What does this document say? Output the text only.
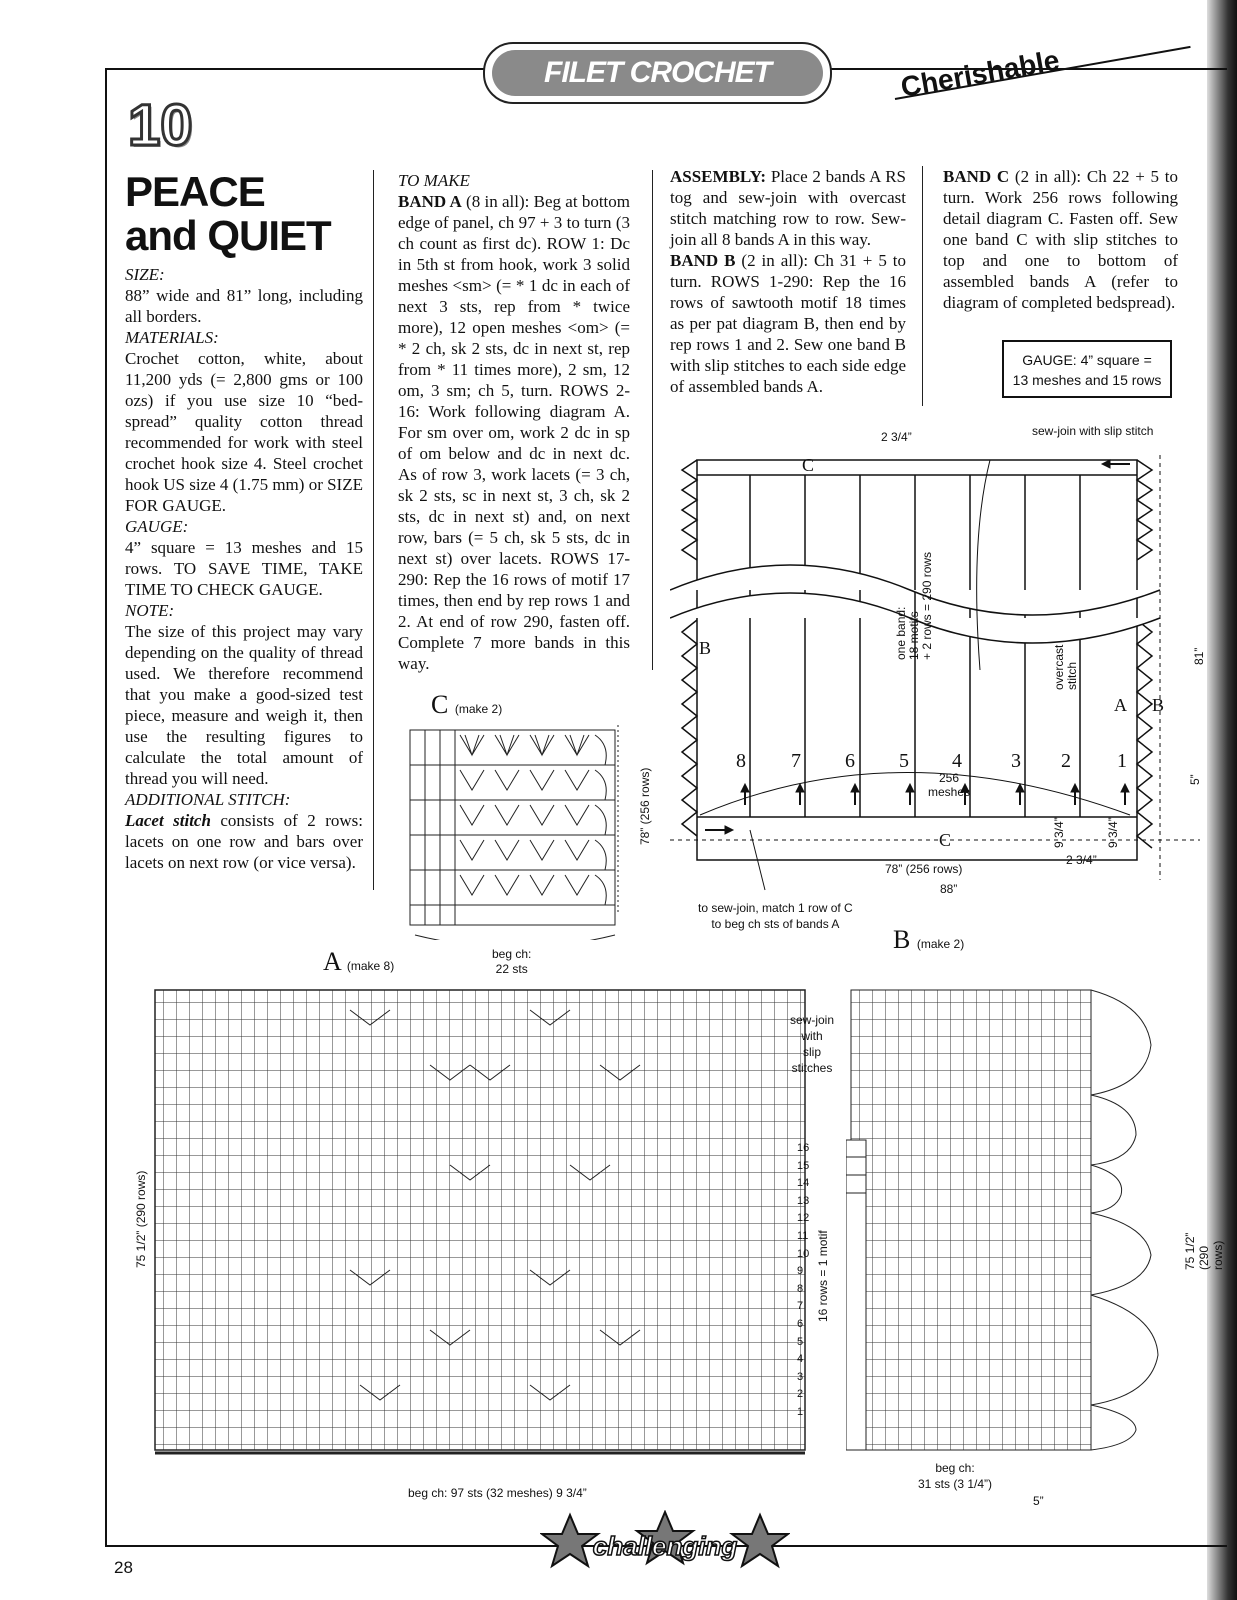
FILET CROCHET	Cherishable
10
PEACE
and QUIET
SIZE:
88” wide and 81” long, including all borders.
MATERIALS:
Crochet cotton, white, about 11,200 yds (= 2,800 gms or 100 ozs) if you use size 10 “bed-spread” quality cotton thread recommended for work with steel crochet hook size 4. Steel crochet hook US size 4 (1.75 mm) or SIZE FOR GAUGE.
GAUGE:
4” square = 13 meshes and 15 rows. TO SAVE TIME, TAKE TIME TO CHECK GAUGE.
NOTE:
The size of this project may vary depending on the quality of thread used. We therefore recommend that you make a good-sized test piece, measure and weigh it, then use the resulting figures to calculate the total amount of thread you will need.
ADDITIONAL STITCH:
Lacet stitch consists of 2 rows: lacets on one row and bars over lacets on next row (or vice versa).
TO MAKE
BAND A (8 in all): Beg at bottom edge of panel, ch 97 + 3 to turn (3 ch count as first dc). ROW 1: Dc in 5th st from hook, work 3 solid meshes <sm> (= * 1 dc in each of next 3 sts, rep from * twice more), 12 open meshes <om> (= * 2 ch, sk 2 sts, dc in next st, rep from * 11 times more), 2 sm, 12 om, 3 sm; ch 5, turn. ROWS 2-16: Work following diagram A. For sm over om, work 2 dc in sp of om below and dc in next dc. As of row 3, work lacets (= 3 ch, sk 2 sts, sc in next st, 3 ch, sk 2 sts, dc in next st) and, on next row, bars (= 5 ch, sk 5 sts, dc in next st) over lacets. ROWS 17-290: Rep the 16 rows of motif 17 times, then end by rep rows 1 and 2. At end of row 290, fasten off. Complete 7 more bands in this way.
ASSEMBLY: Place 2 bands A RS tog and sew-join with overcast stitch matching row to row. Sew-join all 8 bands A in this way.
BAND B (2 in all): Ch 31 + 5 to turn. ROWS 1-290: Rep the 16 rows of sawtooth motif 18 times as per pat diagram B, then end by rep rows 1 and 2. Sew one band B with slip stitches to each side edge of assembled bands A.
BAND C (2 in all): Ch 22 + 5 to turn. Work 256 rows following detail diagram C. Fasten off. Sew one band C with slip stitches to top and one to bottom of assembled bands A (refer to diagram of completed bedspread).
GAUGE: 4” square =
13 meshes and 15 rows
2 3/4”	sew-join with slip stitch
C
B
B
A
C
8 7 6 5 4 3 2 1
one band: 18 motifs + 2 rows = 290 rows
overcast stitch
256
meshes
9 3/4”	9 3/4”
5”
81”
78” (256 rows)
88”
2 3/4”
to sew-join, match 1 row of C
to beg ch sts of bands A
C (make 2)
78” (256 rows)
beg ch:
22 sts
A (make 8)
75 1/2” (290 rows)
16 rows = 1 motif
beg ch: 97 sts (32 meshes) 9 3/4”
16
15
14
13
12
11
10
9
8
7
6
5
4
3
2
1
B (make 2)
sew-join
with
slip
stitches
75 1/2” (290 rows)
beg ch:
31 sts (3 1/4”)
5”
28
challenging
